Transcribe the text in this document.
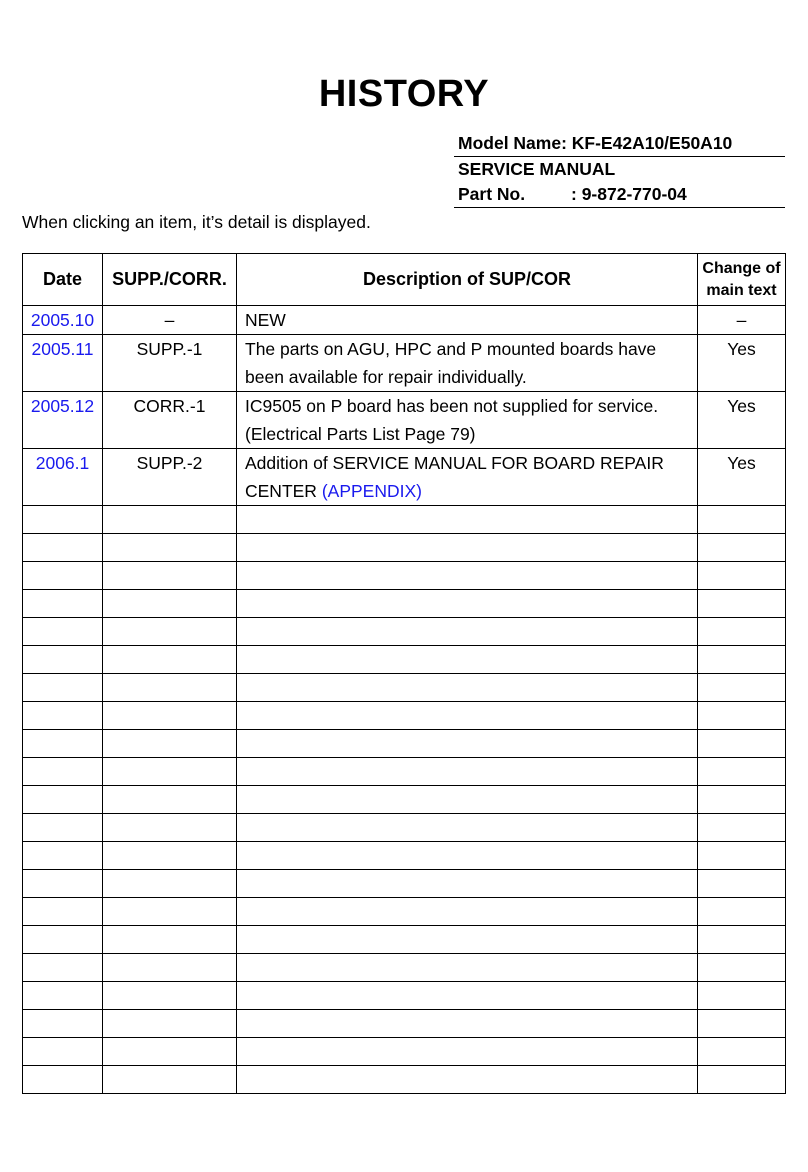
HISTORY
Model Name: KF-E42A10/E50A10
SERVICE MANUAL
Part No.	: 9-872-770-04
When clicking an item, it’s detail is displayed.
Date	SUPP./CORR.	Description of SUP/COR	Change of
main text
2005.10	–	NEW	–
2005.11	SUPP.-1	The parts on AGU, HPC and P mounted boards have been available for repair individually.	Yes
2005.12	CORR.-1	IC9505 on P board has been not supplied for service. (Electrical Parts List Page 79)	Yes
2006.1	SUPP.-2	Addition of SERVICE MANUAL FOR BOARD REPAIR CENTER (APPENDIX)	Yes
